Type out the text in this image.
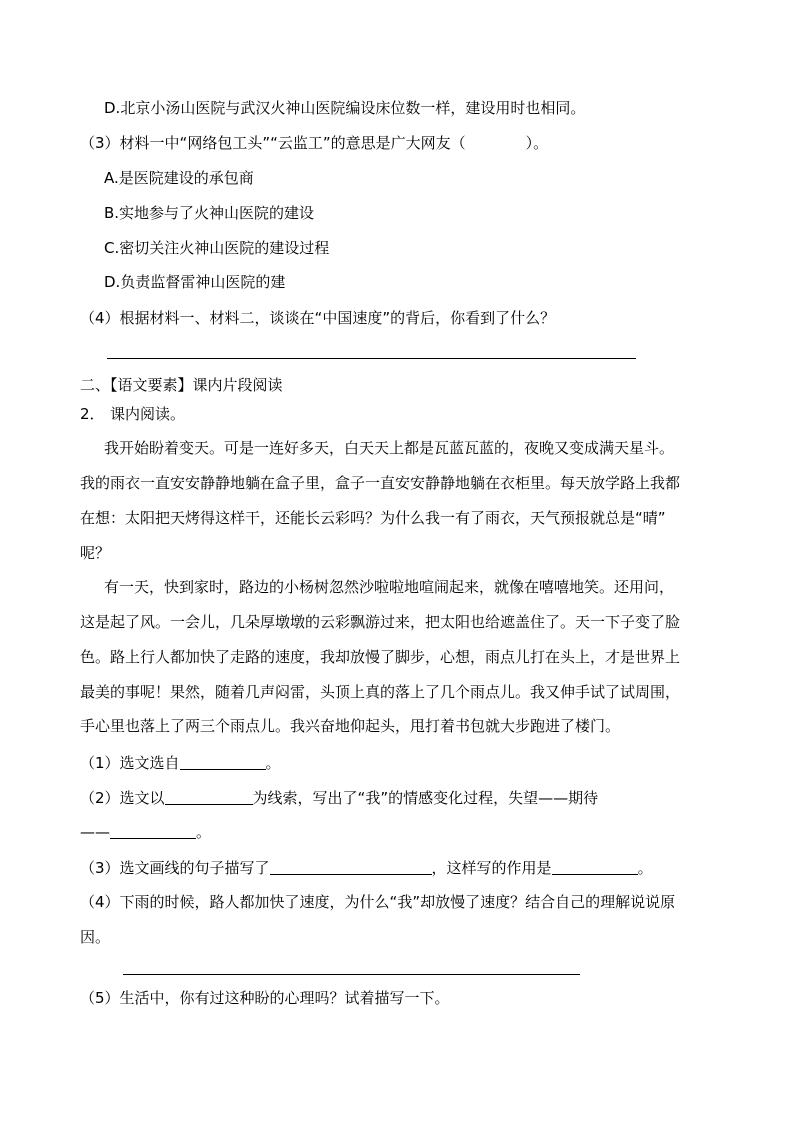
D.北京小汤山医院与武汉火神山医院编设床位数一样，建设用时也相同。
（3）材料一中“网络包工头”“云监工”的意思是广大网友（	）。
A.是医院建设的承包商
B.实地参与了火神山医院的建设
C.密切关注火神山医院的建设过程
D.负责监督雷神山医院的建
（4）根据材料一、材料二，谈谈在“中国速度”的背后，你看到了什么？
二、【语文要素】课内片段阅读
2． 课内阅读。
我开始盼着变天。可是一连好多天，白天天上都是瓦蓝瓦蓝的，夜晚又变成满天星斗。
我的雨衣一直安安静静地躺在盒子里，盒子一直安安静静地躺在衣柜里。每天放学路上我都
在想：太阳把天烤得这样干，还能长云彩吗？为什么我一有了雨衣，天气预报就总是“晴”
呢？
有一天，快到家时，路边的小杨树忽然沙啦啦地喧闹起来，就像在嘻嘻地笑。还用问，
这是起了风。一会儿，几朵厚墩墩的云彩飘游过来，把太阳也给遮盖住了。天一下子变了脸
色。路上行人都加快了走路的速度，我却放慢了脚步，心想，雨点儿打在头上，才是世界上
最美的事呢！果然，随着几声闷雷，头顶上真的落上了几个雨点儿。我又伸手试了试周围，
手心里也落上了两三个雨点儿。我兴奋地仰起头，甩打着书包就大步跑进了楼门。
（1）选文选自	。
（2）选文以	为线索，写出了“我”的情感变化过程，失望——期待
——	。
（3）选文画线的句子描写了	，这样写的作用是	。
（4）下雨的时候，路人都加快了速度，为什么“我”却放慢了速度？结合自己的理解说说原
因。
（5）生活中，你有过这种盼的心理吗？试着描写一下。
